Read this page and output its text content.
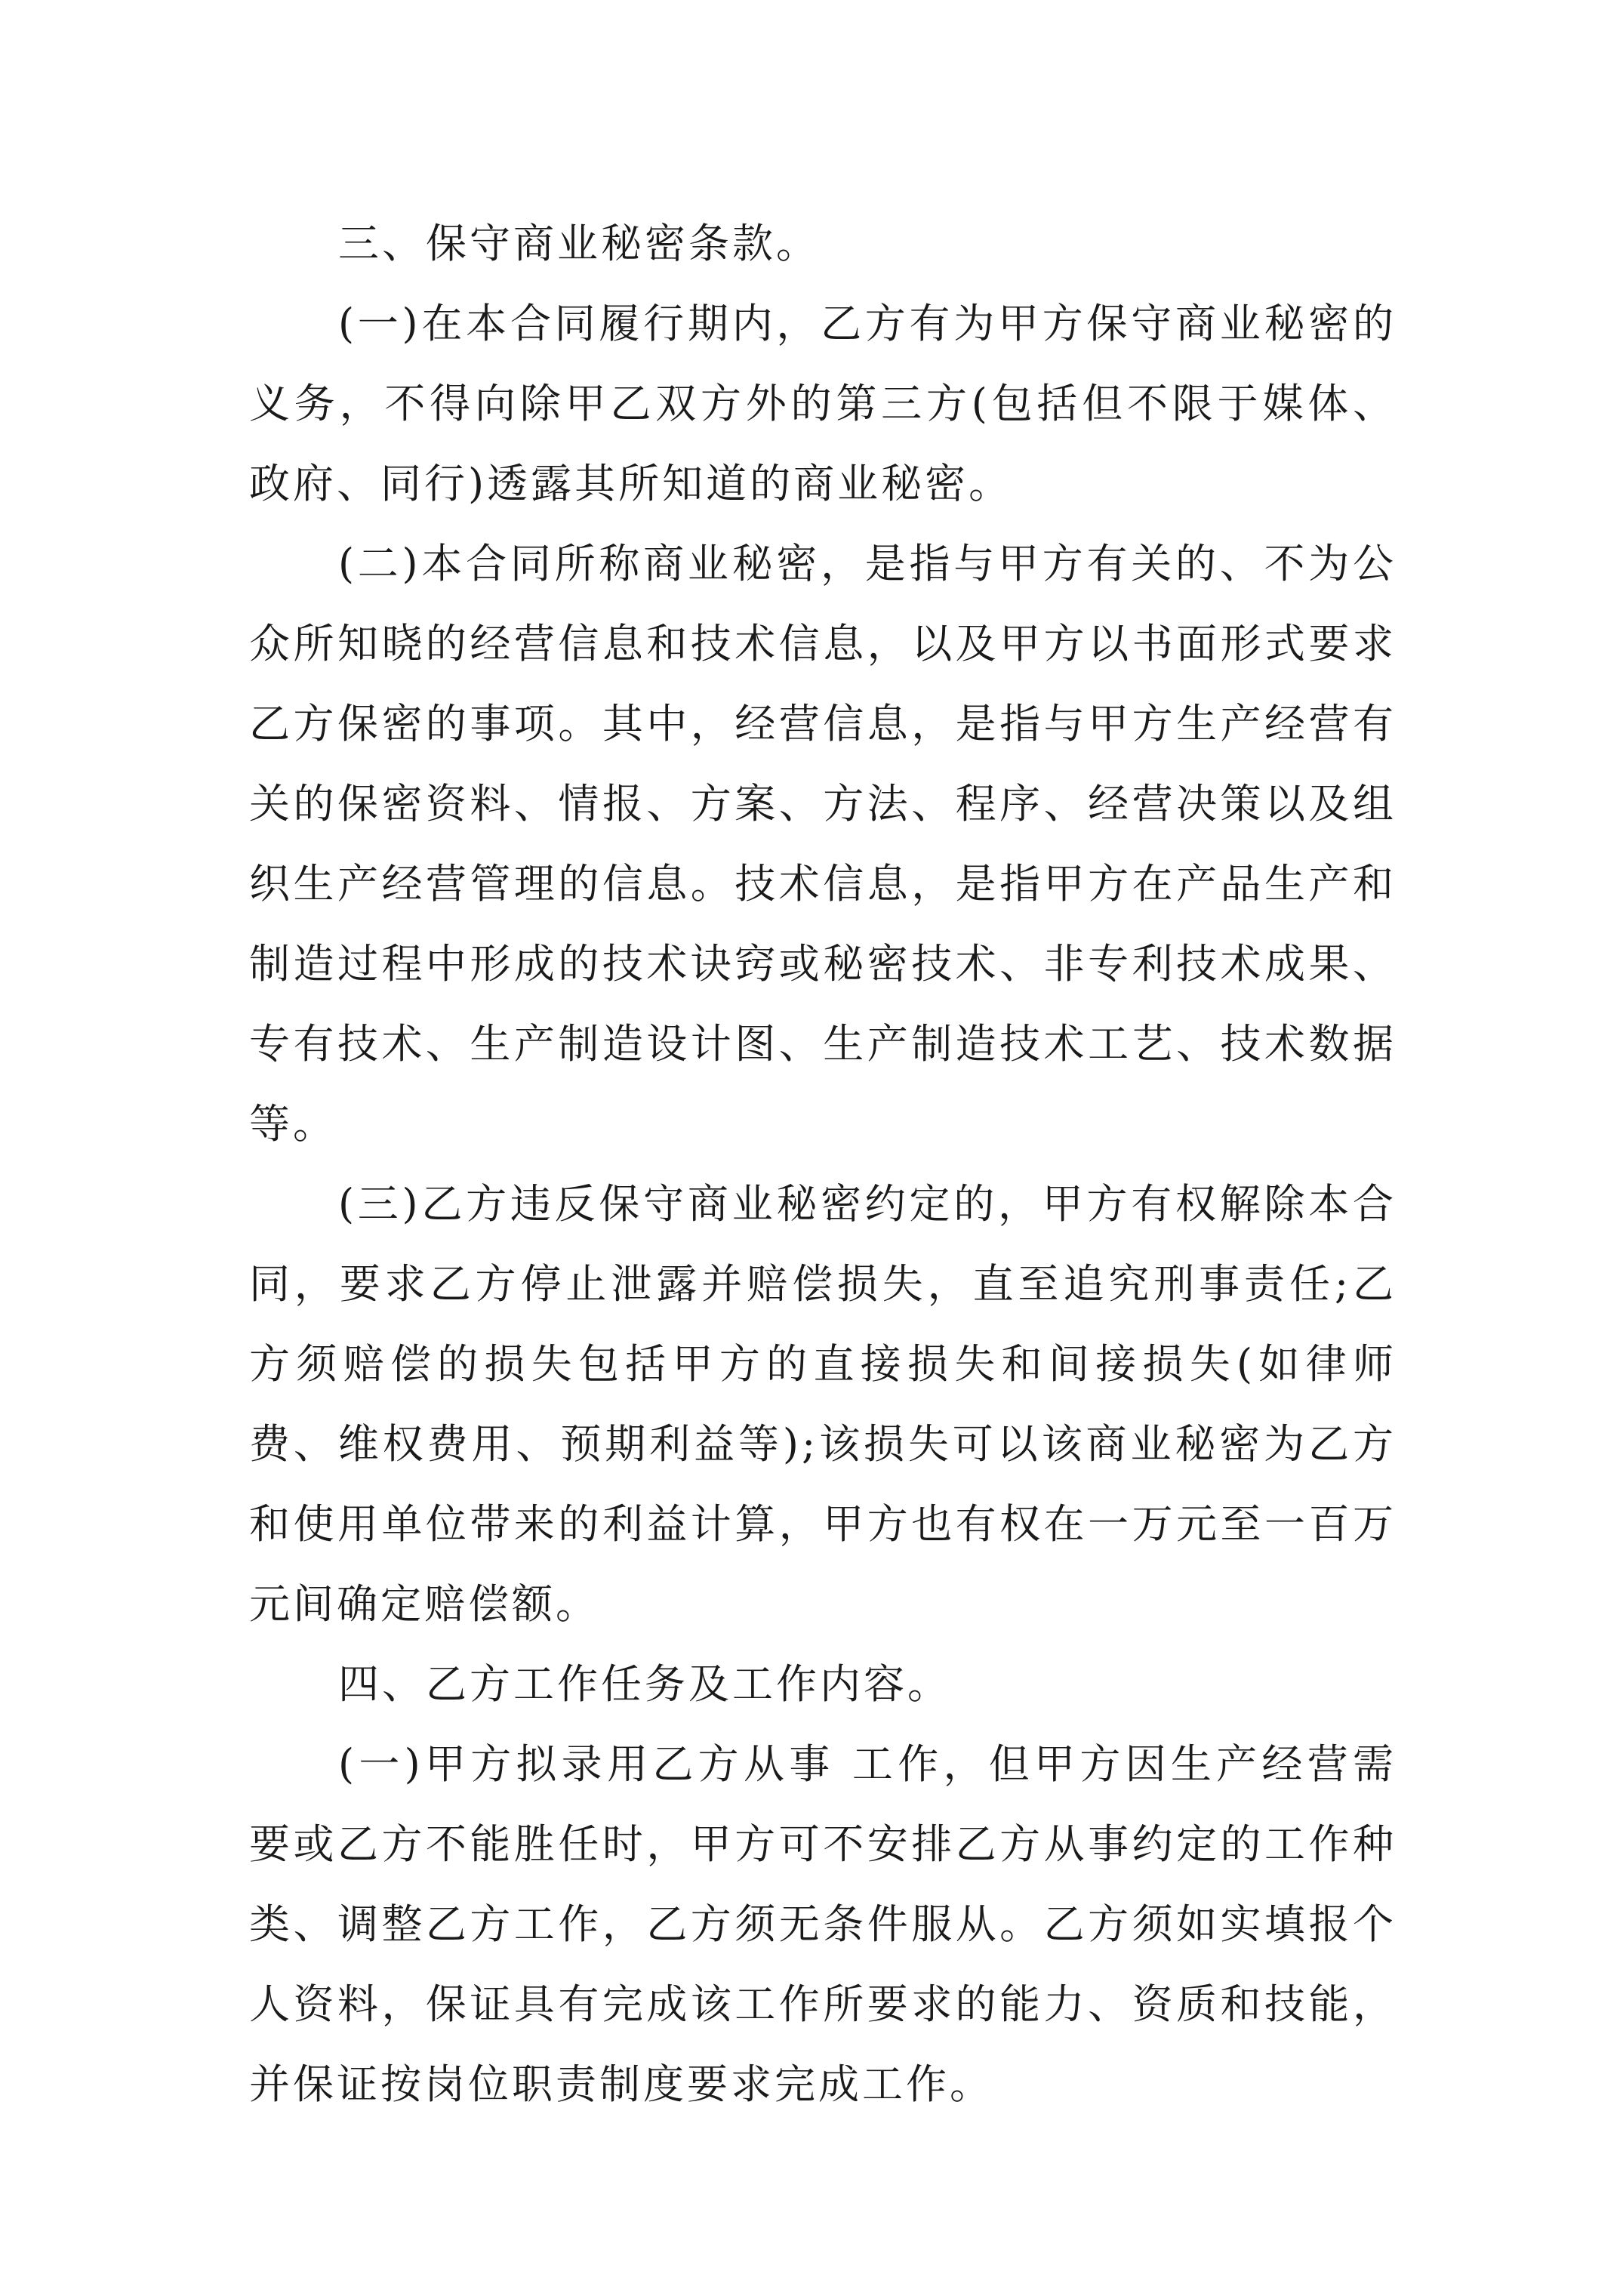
三、保守商业秘密条款。

(一)在本合同履行期内，乙方有为甲方保守商业秘密的义务，不得向除甲乙双方外的第三方(包括但不限于媒体、政府、同行)透露其所知道的商业秘密。

(二)本合同所称商业秘密，是指与甲方有关的、不为公众所知晓的经营信息和技术信息，以及甲方以书面形式要求乙方保密的事项。其中，经营信息，是指与甲方生产经营有关的保密资料、情报、方案、方法、程序、经营决策以及组织生产经营管理的信息。技术信息，是指甲方在产品生产和制造过程中形成的技术诀窍或秘密技术、非专利技术成果、专有技术、生产制造设计图、生产制造技术工艺、技术数据等。

(三)乙方违反保守商业秘密约定的，甲方有权解除本合同，要求乙方停止泄露并赔偿损失，直至追究刑事责任;乙方须赔偿的损失包括甲方的直接损失和间接损失(如律师费、维权费用、预期利益等);该损失可以该商业秘密为乙方和使用单位带来的利益计算，甲方也有权在一万元至一百万元间确定赔偿额。

四、乙方工作任务及工作内容。

(一)甲方拟录用乙方从事 工作，但甲方因生产经营需要或乙方不能胜任时，甲方可不安排乙方从事约定的工作种类、调整乙方工作，乙方须无条件服从。乙方须如实填报个人资料，保证具有完成该工作所要求的能力、资质和技能，并保证按岗位职责制度要求完成工作。
